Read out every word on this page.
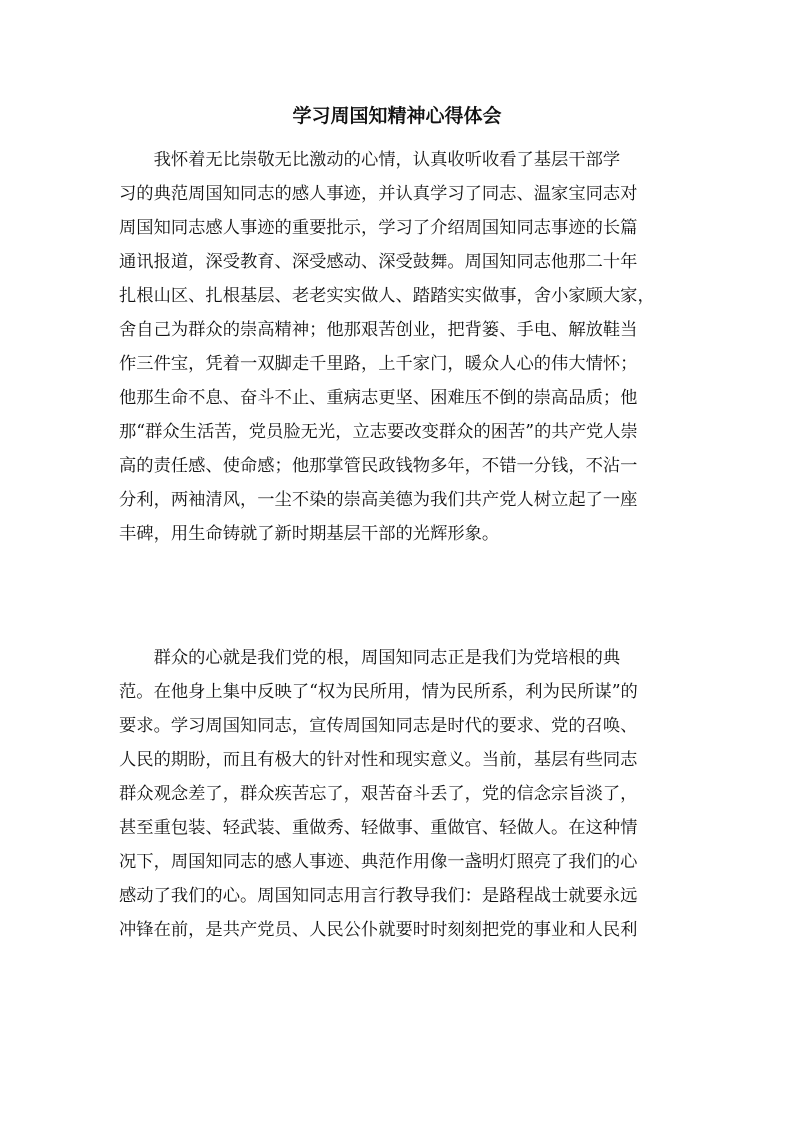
学习周国知精神心得体会
　　我怀着无比崇敬无比激动的心情，认真收听收看了基层干部学
习的典范周国知同志的感人事迹，并认真学习了同志、温家宝同志对
周国知同志感人事迹的重要批示，学习了介绍周国知同志事迹的长篇
通讯报道，深受教育、深受感动、深受鼓舞。周国知同志他那二十年
扎根山区、扎根基层、老老实实做人、踏踏实实做事，舍小家顾大家，
舍自己为群众的崇高精神；他那艰苦创业，把背篓、手电、解放鞋当
作三件宝，凭着一双脚走千里路，上千家门，暖众人心的伟大情怀；
他那生命不息、奋斗不止、重病志更坚、困难压不倒的崇高品质；他
那“群众生活苦，党员脸无光，立志要改变群众的困苦”的共产党人崇
高的责任感、使命感；他那掌管民政钱物多年，不错一分钱，不沾一
分利，两袖清风，一尘不染的崇高美德为我们共产党人树立起了一座
丰碑，用生命铸就了新时期基层干部的光辉形象。
　　群众的心就是我们党的根，周国知同志正是我们为党培根的典
范。在他身上集中反映了“权为民所用，情为民所系，利为民所谋”的
要求。学习周国知同志，宣传周国知同志是时代的要求、党的召唤、
人民的期盼，而且有极大的针对性和现实意义。当前，基层有些同志
群众观念差了，群众疾苦忘了，艰苦奋斗丢了，党的信念宗旨淡了，
甚至重包装、轻武装、重做秀、轻做事、重做官、轻做人。在这种情
况下，周国知同志的感人事迹、典范作用像一盏明灯照亮了我们的心
感动了我们的心。周国知同志用言行教导我们：是路程战士就要永远
冲锋在前，是共产党员、人民公仆就要时时刻刻把党的事业和人民利
